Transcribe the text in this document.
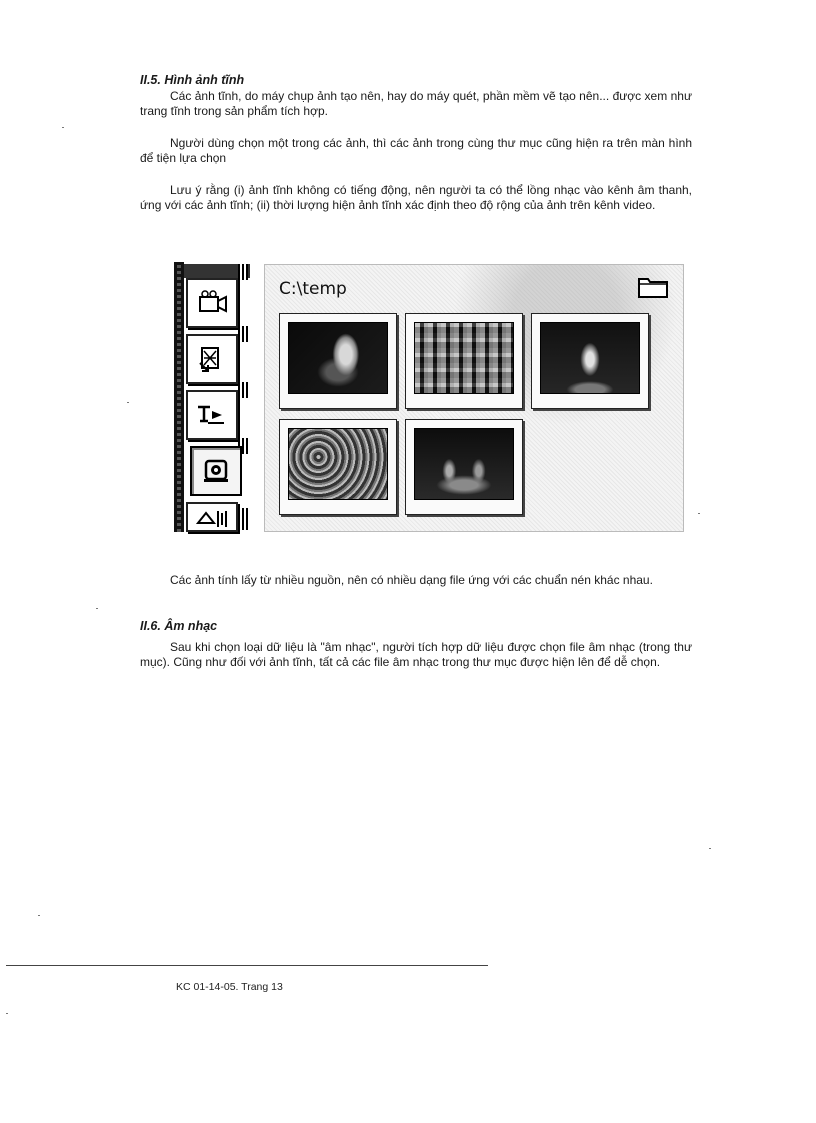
II.5. Hình ảnh tĩnh

Các ảnh tĩnh, do máy chụp ảnh tạo nên, hay do máy quét, phần mềm vẽ tạo nên... được xem như trang tĩnh trong sản phẩm tích hợp.

Người dùng chọn một trong các ảnh, thì các ảnh trong cùng thư mục cũng hiện ra trên màn hình để tiện lựa chọn

Lưu ý rằng (i) ảnh tĩnh không có tiếng động, nên người ta có thể lồng nhạc vào kênh âm thanh, ứng với các ảnh tĩnh; (ii) thời lượng hiện ảnh tĩnh xác định theo độ rộng của ảnh trên kênh video.

C:\temp

Các ảnh tính lấy từ nhiều nguồn, nên có nhiều dạng file ứng với các chuẩn nén khác nhau.

II.6. Âm nhạc

Sau khi chọn loại dữ liệu là "âm nhạc", người tích hợp dữ liệu được chọn file âm nhạc (trong thư mục). Cũng như đối với ảnh tĩnh, tất cả các file âm nhạc trong thư mục được hiện lên để dễ chọn.

KC 01-14-05. Trang 13
